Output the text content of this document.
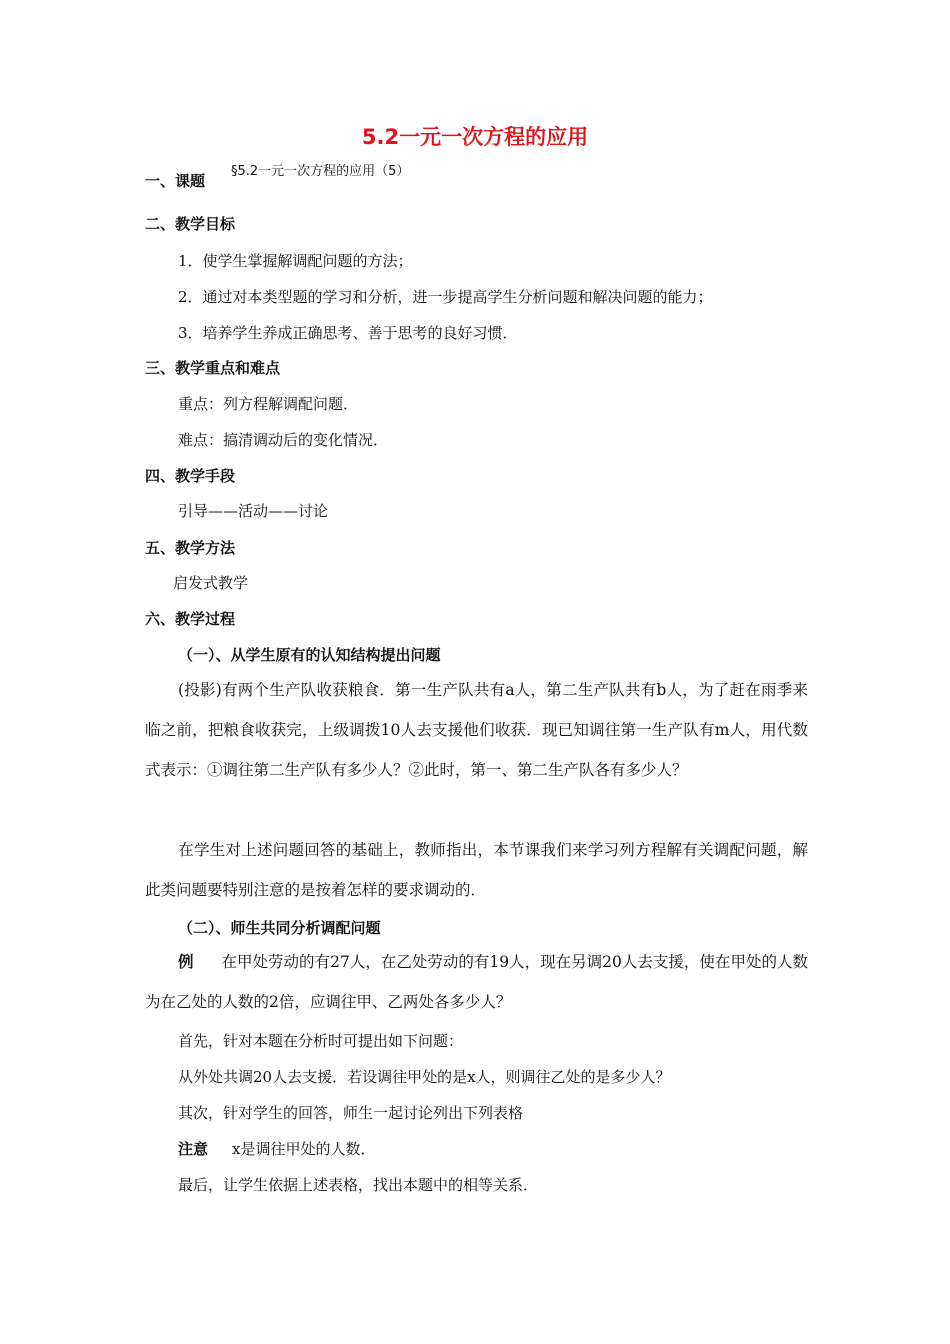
5.2一元一次方程的应用
一、课题
§5.2一元一次方程的应用（5）
二、教学目标
1．使学生掌握解调配问题的方法；
2．通过对本类型题的学习和分析，进一步提高学生分析问题和解决问题的能力；
3．培养学生养成正确思考、善于思考的良好习惯．
三、教学重点和难点
重点：列方程解调配问题．
难点：搞清调动后的变化情况．
四、教学手段
引导——活动——讨论
五、教学方法
启发式教学
六、教学过程
（一）、从学生原有的认知结构提出问题
(投影)有两个生产队收获粮食．第一生产队共有a人，第二生产队共有b人，为了赶在雨季来临之前，把粮食收获完，上级调拨10人去支援他们收获．现已知调往第一生产队有m人，用代数式表示：①调往第二生产队有多少人？②此时，第一、第二生产队各有多少人？
在学生对上述问题回答的基础上，教师指出，本节课我们来学习列方程解有关调配问题，解此类问题要特别注意的是按着怎样的要求调动的．
（二）、师生共同分析调配问题
例 在甲处劳动的有27人，在乙处劳动的有19人，现在另调20人去支援，使在甲处的人数为在乙处的人数的2倍，应调往甲、乙两处各多少人？
首先，针对本题在分析时可提出如下问题：
从外处共调20人去支援．若设调往甲处的是x人，则调往乙处的是多少人？
其次，针对学生的回答，师生一起讨论列出下列表格
注意 x是调往甲处的人数．
最后，让学生依据上述表格，找出本题中的相等关系．
